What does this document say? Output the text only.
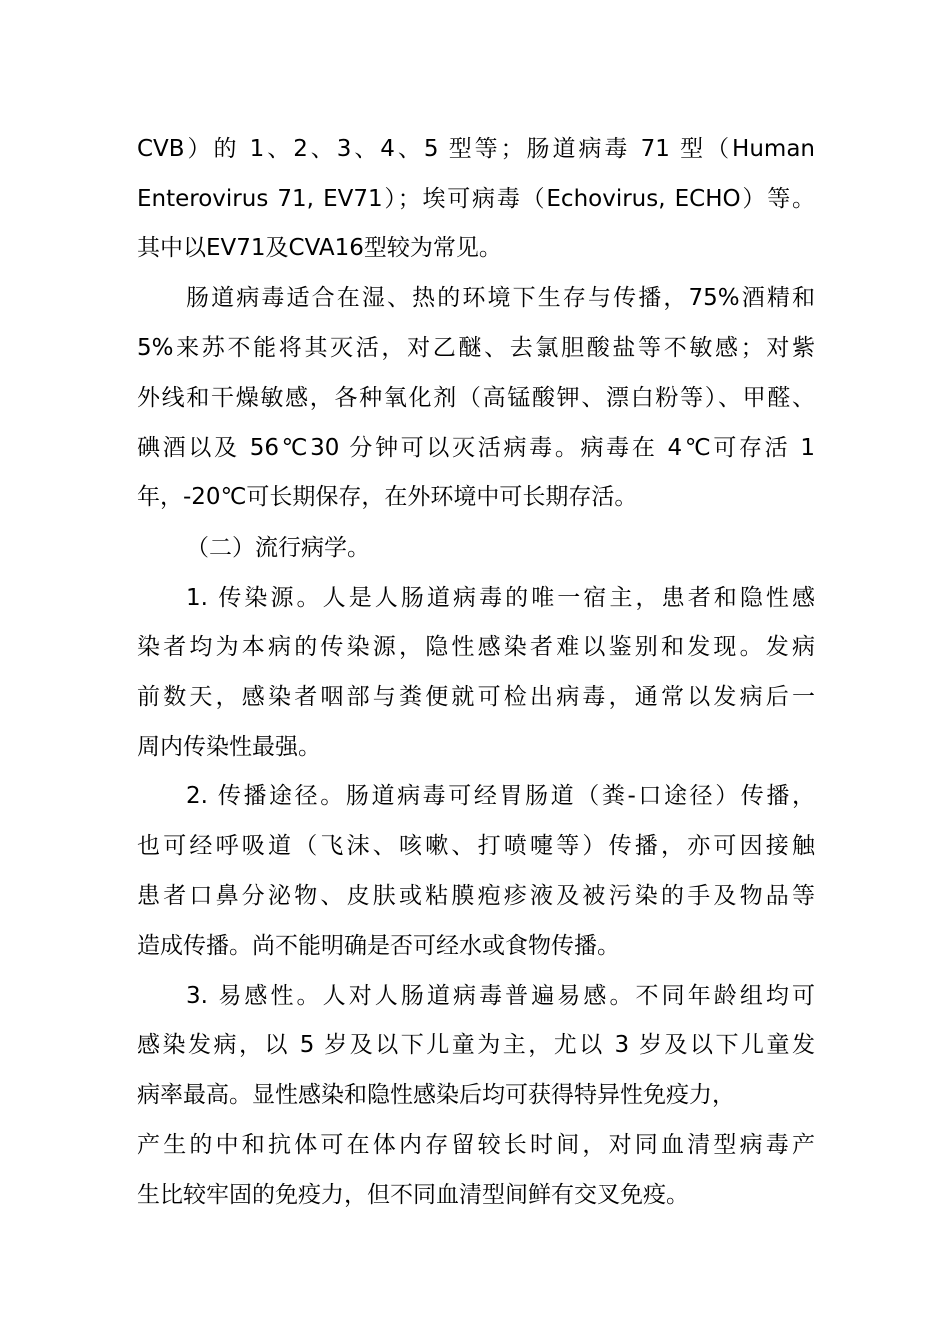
CVB）的 1、2、3、4、5 型等；肠道病毒 71 型（Human
Enterovirus 71, EV71）；埃可病毒（Echovirus, ECHO）等。
其中以EV71及CVA16型较为常见。
肠道病毒适合在湿、热的环境下生存与传播，75%酒精和
5%来苏不能将其灭活，对乙醚、去氯胆酸盐等不敏感；对紫
外线和干燥敏感，各种氧化剂（高锰酸钾、漂白粉等）、甲醛、
碘酒以及 56℃30 分钟可以灭活病毒。病毒在 4℃可存活 1
年，-20℃可长期保存，在外环境中可长期存活。
（二）流行病学。
1. 传染源。人是人肠道病毒的唯一宿主，患者和隐性感
染者均为本病的传染源，隐性感染者难以鉴别和发现。发病
前数天，感染者咽部与粪便就可检出病毒，通常以发病后一
周内传染性最强。
2. 传播途径。肠道病毒可经胃肠道（粪-口途径）传播，
也可经呼吸道（飞沫、咳嗽、打喷嚏等）传播，亦可因接触
患者口鼻分泌物、皮肤或粘膜疱疹液及被污染的手及物品等
造成传播。尚不能明确是否可经水或食物传播。
3. 易感性。人对人肠道病毒普遍易感。不同年龄组均可
感染发病，以 5 岁及以下儿童为主，尤以 3 岁及以下儿童发
病率最高。显性感染和隐性感染后均可获得特异性免疫力，
产生的中和抗体可在体内存留较长时间，对同血清型病毒产
生比较牢固的免疫力，但不同血清型间鲜有交叉免疫。
